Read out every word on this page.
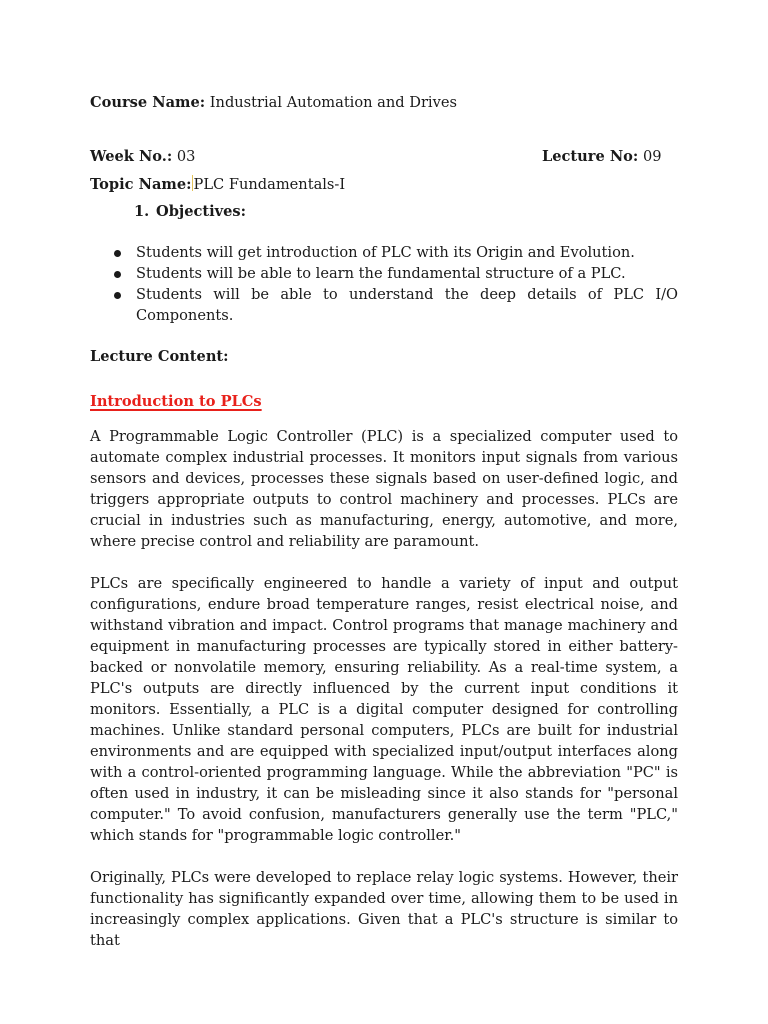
Course Name: Industrial Automation and Drives
Week No.: 03	Lecture No: 09
Topic Name: PLC Fundamentals-I
1. Objectives:
Students will get introduction of PLC with its Origin and Evolution.
Students will be able to learn the fundamental structure of a PLC.
Students will be able to understand the deep details of PLC I/O Components.
Lecture Content:
Introduction to PLCs

A Programmable Logic Controller (PLC) is a specialized computer used to automate complex industrial processes. It monitors input signals from various sensors and devices, processes these signals based on user-defined logic, and triggers appropriate outputs to control machinery and processes. PLCs are crucial in industries such as manufacturing, energy, automotive, and more, where precise control and reliability are paramount.

PLCs are specifically engineered to handle a variety of input and output configurations, endure broad temperature ranges, resist electrical noise, and withstand vibration and impact. Control programs that manage machinery and equipment in manufacturing processes are typically stored in either battery-backed or nonvolatile memory, ensuring reliability. As a real-time system, a PLC's outputs are directly influenced by the current input conditions it monitors. Essentially, a PLC is a digital computer designed for controlling machines. Unlike standard personal computers, PLCs are built for industrial environments and are equipped with specialized input/output interfaces along with a control-oriented programming language. While the abbreviation "PC" is often used in industry, it can be misleading since it also stands for "personal computer." To avoid confusion, manufacturers generally use the term "PLC," which stands for "programmable logic controller."

Originally, PLCs were developed to replace relay logic systems. However, their functionality has significantly expanded over time, allowing them to be used in increasingly complex applications. Given that a PLC's structure is similar to that
